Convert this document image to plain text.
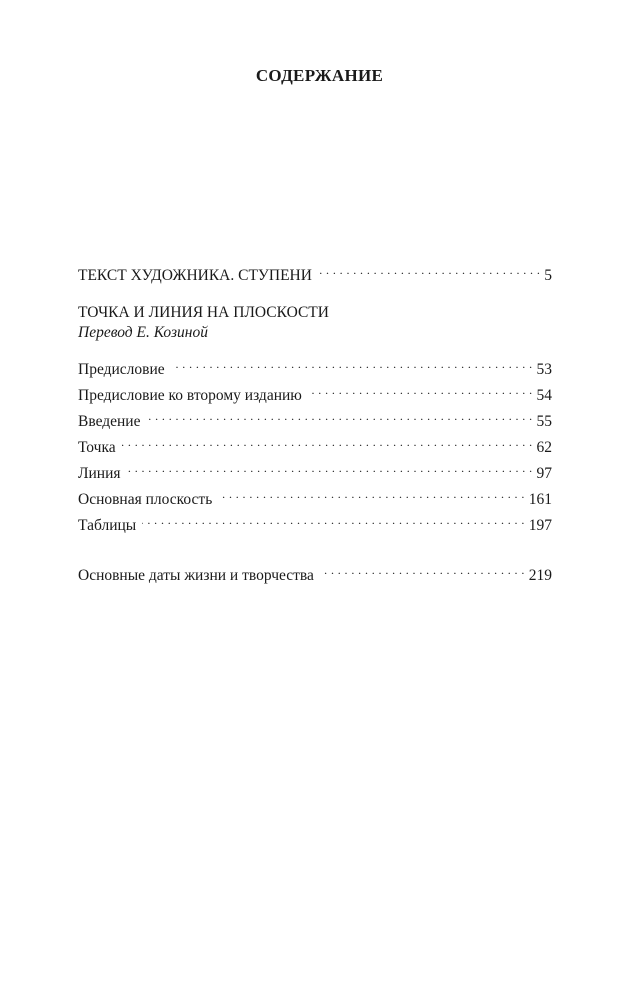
СОДЕРЖАНИЕ
ТЕКСТ ХУДОЖНИКА. СТУПЕНИ . . .	5
ТОЧКА И ЛИНИЯ НА ПЛОСКОСТИ
Перевод Е. Козиной
Предисловие . . .	53
Предисловие ко второму изданию . . .	54
Введение . . .	55
Точка . . .	62
Линия . . .	97
Основная плоскость . . .	161
Таблицы . . .	197
Основные даты жизни и творчества . . .	219
